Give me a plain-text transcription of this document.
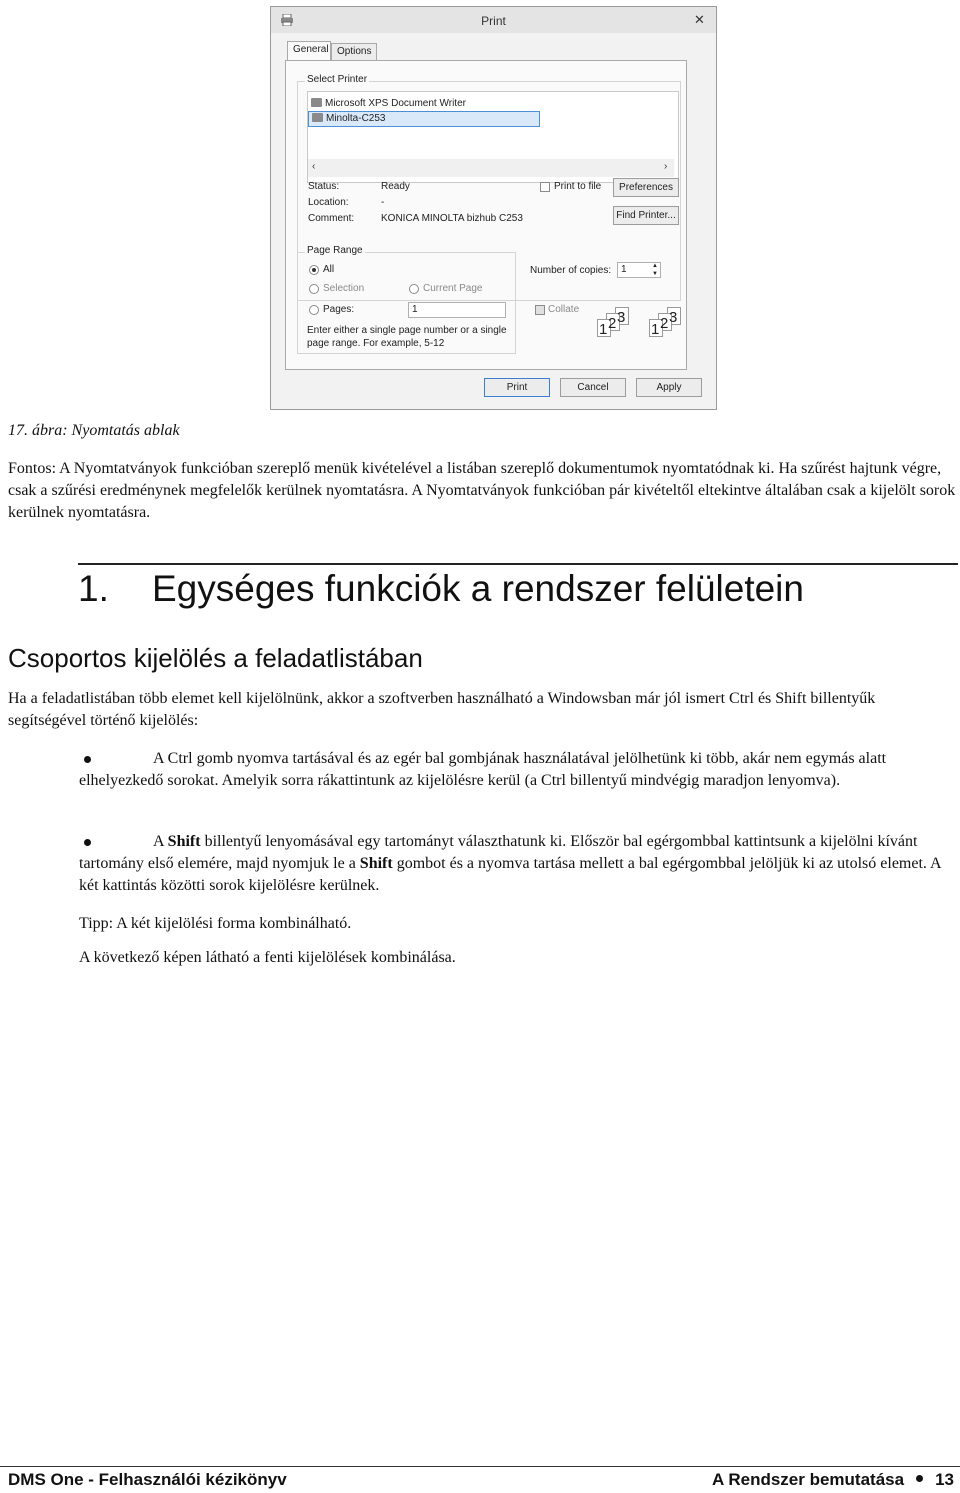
Print	✕
General Options
Select Printer
Microsoft XPS Document Writer
Minolta-C253
‹	›
Status:	Ready
Location:	-
Comment:	KONICA MINOLTA bizhub C253
Print to file	Preferences
Find Printer...
Page Range
All
Selection	Current Page
Pages:	1
Enter either a single page number or a single
page range. For example, 5-12
Number of copies: 1	▲
▼
Collate
1 2 3
1 2 3
Print	Cancel	Apply
17. ábra: Nyomtatás ablak
Fontos: A Nyomtatványok funkcióban szereplő menük kivételével a listában szereplő dokumentumok nyomtatódnak ki. Ha szűrést hajtunk végre, csak a szűrési eredménynek megfelelők kerülnek nyomtatásra. A Nyomtatványok funkcióban pár kivételtől eltekintve általában csak a kijelölt sorok kerülnek nyomtatásra.
1. Egységes funkciók a rendszer felületein
Csoportos kijelölés a feladatlistában
Ha a feladatlistában több elemet kell kijelölnünk, akkor a szoftverben használható a Windowsban már jól ismert Ctrl és Shift billentyűk segítségével történő kijelölés:
A Ctrl gomb nyomva tartásával és az egér bal gombjának használatával jelölhetünk ki több, akár nem egymás alatt elhelyezkedő sorokat. Amelyik sorra rákattintunk az kijelölésre kerül (a Ctrl billentyű mindvégig maradjon lenyomva).
A Shift billentyű lenyomásával egy tartományt választhatunk ki. Először bal egérgombbal kattintsunk a kijelölni kívánt tartomány első elemére, majd nyomjuk le a Shift gombot és a nyomva tartása mellett a bal egérgombbal jelöljük ki az utolsó elemet. A két kattintás közötti sorok kijelölésre kerülnek.
Tipp: A két kijelölési forma kombinálható.
A következő képen látható a fenti kijelölések kombinálása.
DMS One - Felhasználói kézikönyv	A Rendszer bemutatása 13
